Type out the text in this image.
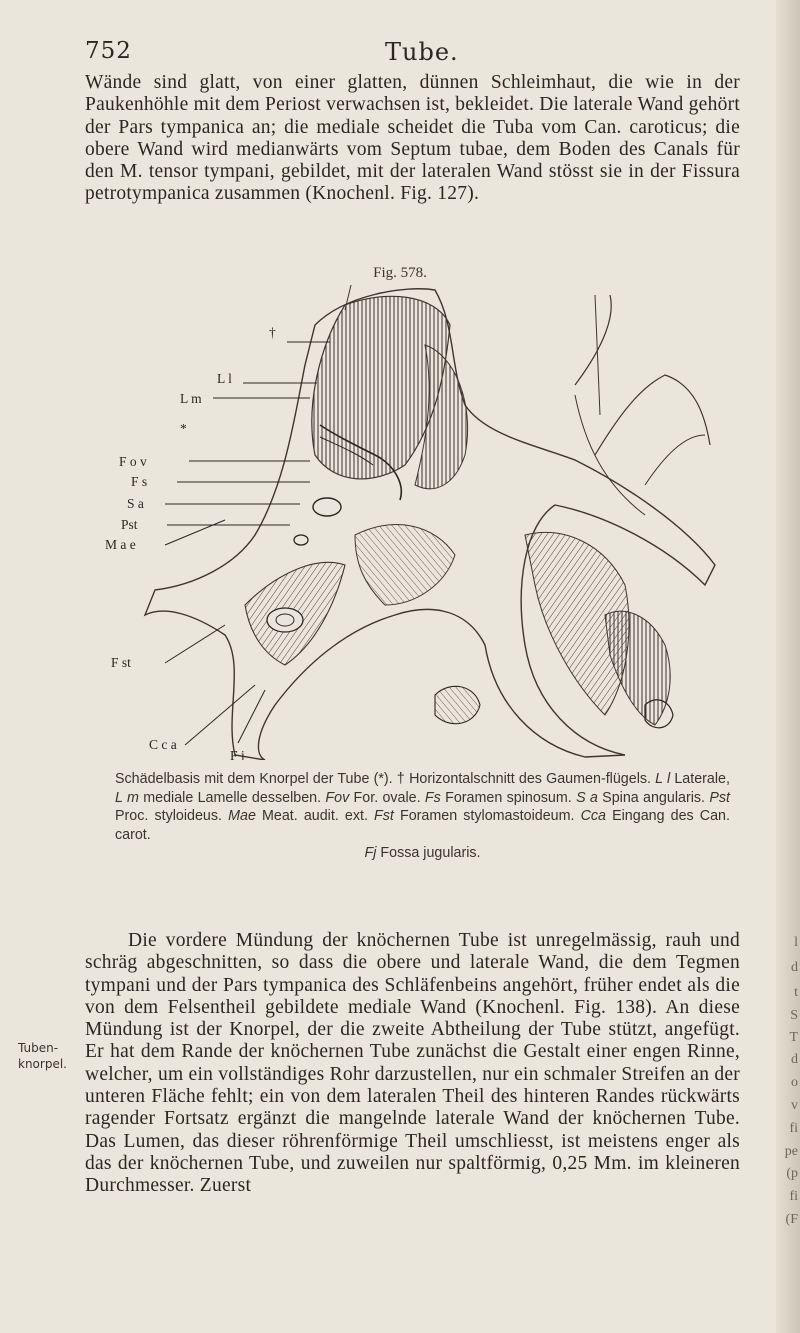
l
d
t
S
T
d
o
v
fi
pe
(p
fi
(F
752	Tube.

Wände sind glatt, von einer glatten, dünnen Schleimhaut, die wie in der Paukenhöhle mit dem Periost verwachsen ist, bekleidet. Die laterale Wand gehört der Pars tympanica an; die mediale scheidet die Tuba vom Can. caroticus; die obere Wand wird medianwärts vom Septum tubae, dem Boden des Canals für den M. tensor tympani, gebildet, mit der lateralen Wand stösst sie in der Fissura petrotympanica zusammen (Knochenl. Fig. 127).

Fig. 578.
†
L l
L m
*
F o v
F s
S a
Pst
M a e
F st
C c a
F j

Schädelbasis mit dem Knorpel der Tube (*). † Horizontalschnitt des Gaumen-flügels. L l Laterale, L m mediale Lamelle desselben. Fov For. ovale. Fs Foramen spinosum. S a Spina angularis. Pst Proc. styloideus. Mae Meat. audit. ext. Fst Foramen stylomastoideum. Cca Eingang des Can. carot.
Fj Fossa jugularis.

Die vordere Mündung der knöchernen Tube ist unregelmässig, rauh und schräg abgeschnitten, so dass die obere und laterale Wand, die dem Tegmen tympani und der Pars tympanica des Schläfenbeins angehört, früher endet als die von dem Felsentheil gebildete mediale Wand (Knochenl. Fig. 138). An diese Mündung ist der Knorpel, der die zweite Abtheilung der Tube stützt, angefügt. Er hat dem Rande der knöchernen Tube zunächst die Gestalt einer engen Rinne, welcher, um ein vollständiges Rohr darzustellen, nur ein schmaler Streifen an der unteren Fläche fehlt; ein von dem lateralen Theil des hinteren Randes rückwärts ragender Fortsatz ergänzt die mangelnde laterale Wand der knöchernen Tube. Das Lumen, das dieser röhrenförmige Theil umschliesst, ist meistens enger als das der knöchernen Tube, und zuweilen nur spaltförmig, 0,25 Mm. im kleineren Durchmesser. Zuerst

Tuben-
knorpel.
